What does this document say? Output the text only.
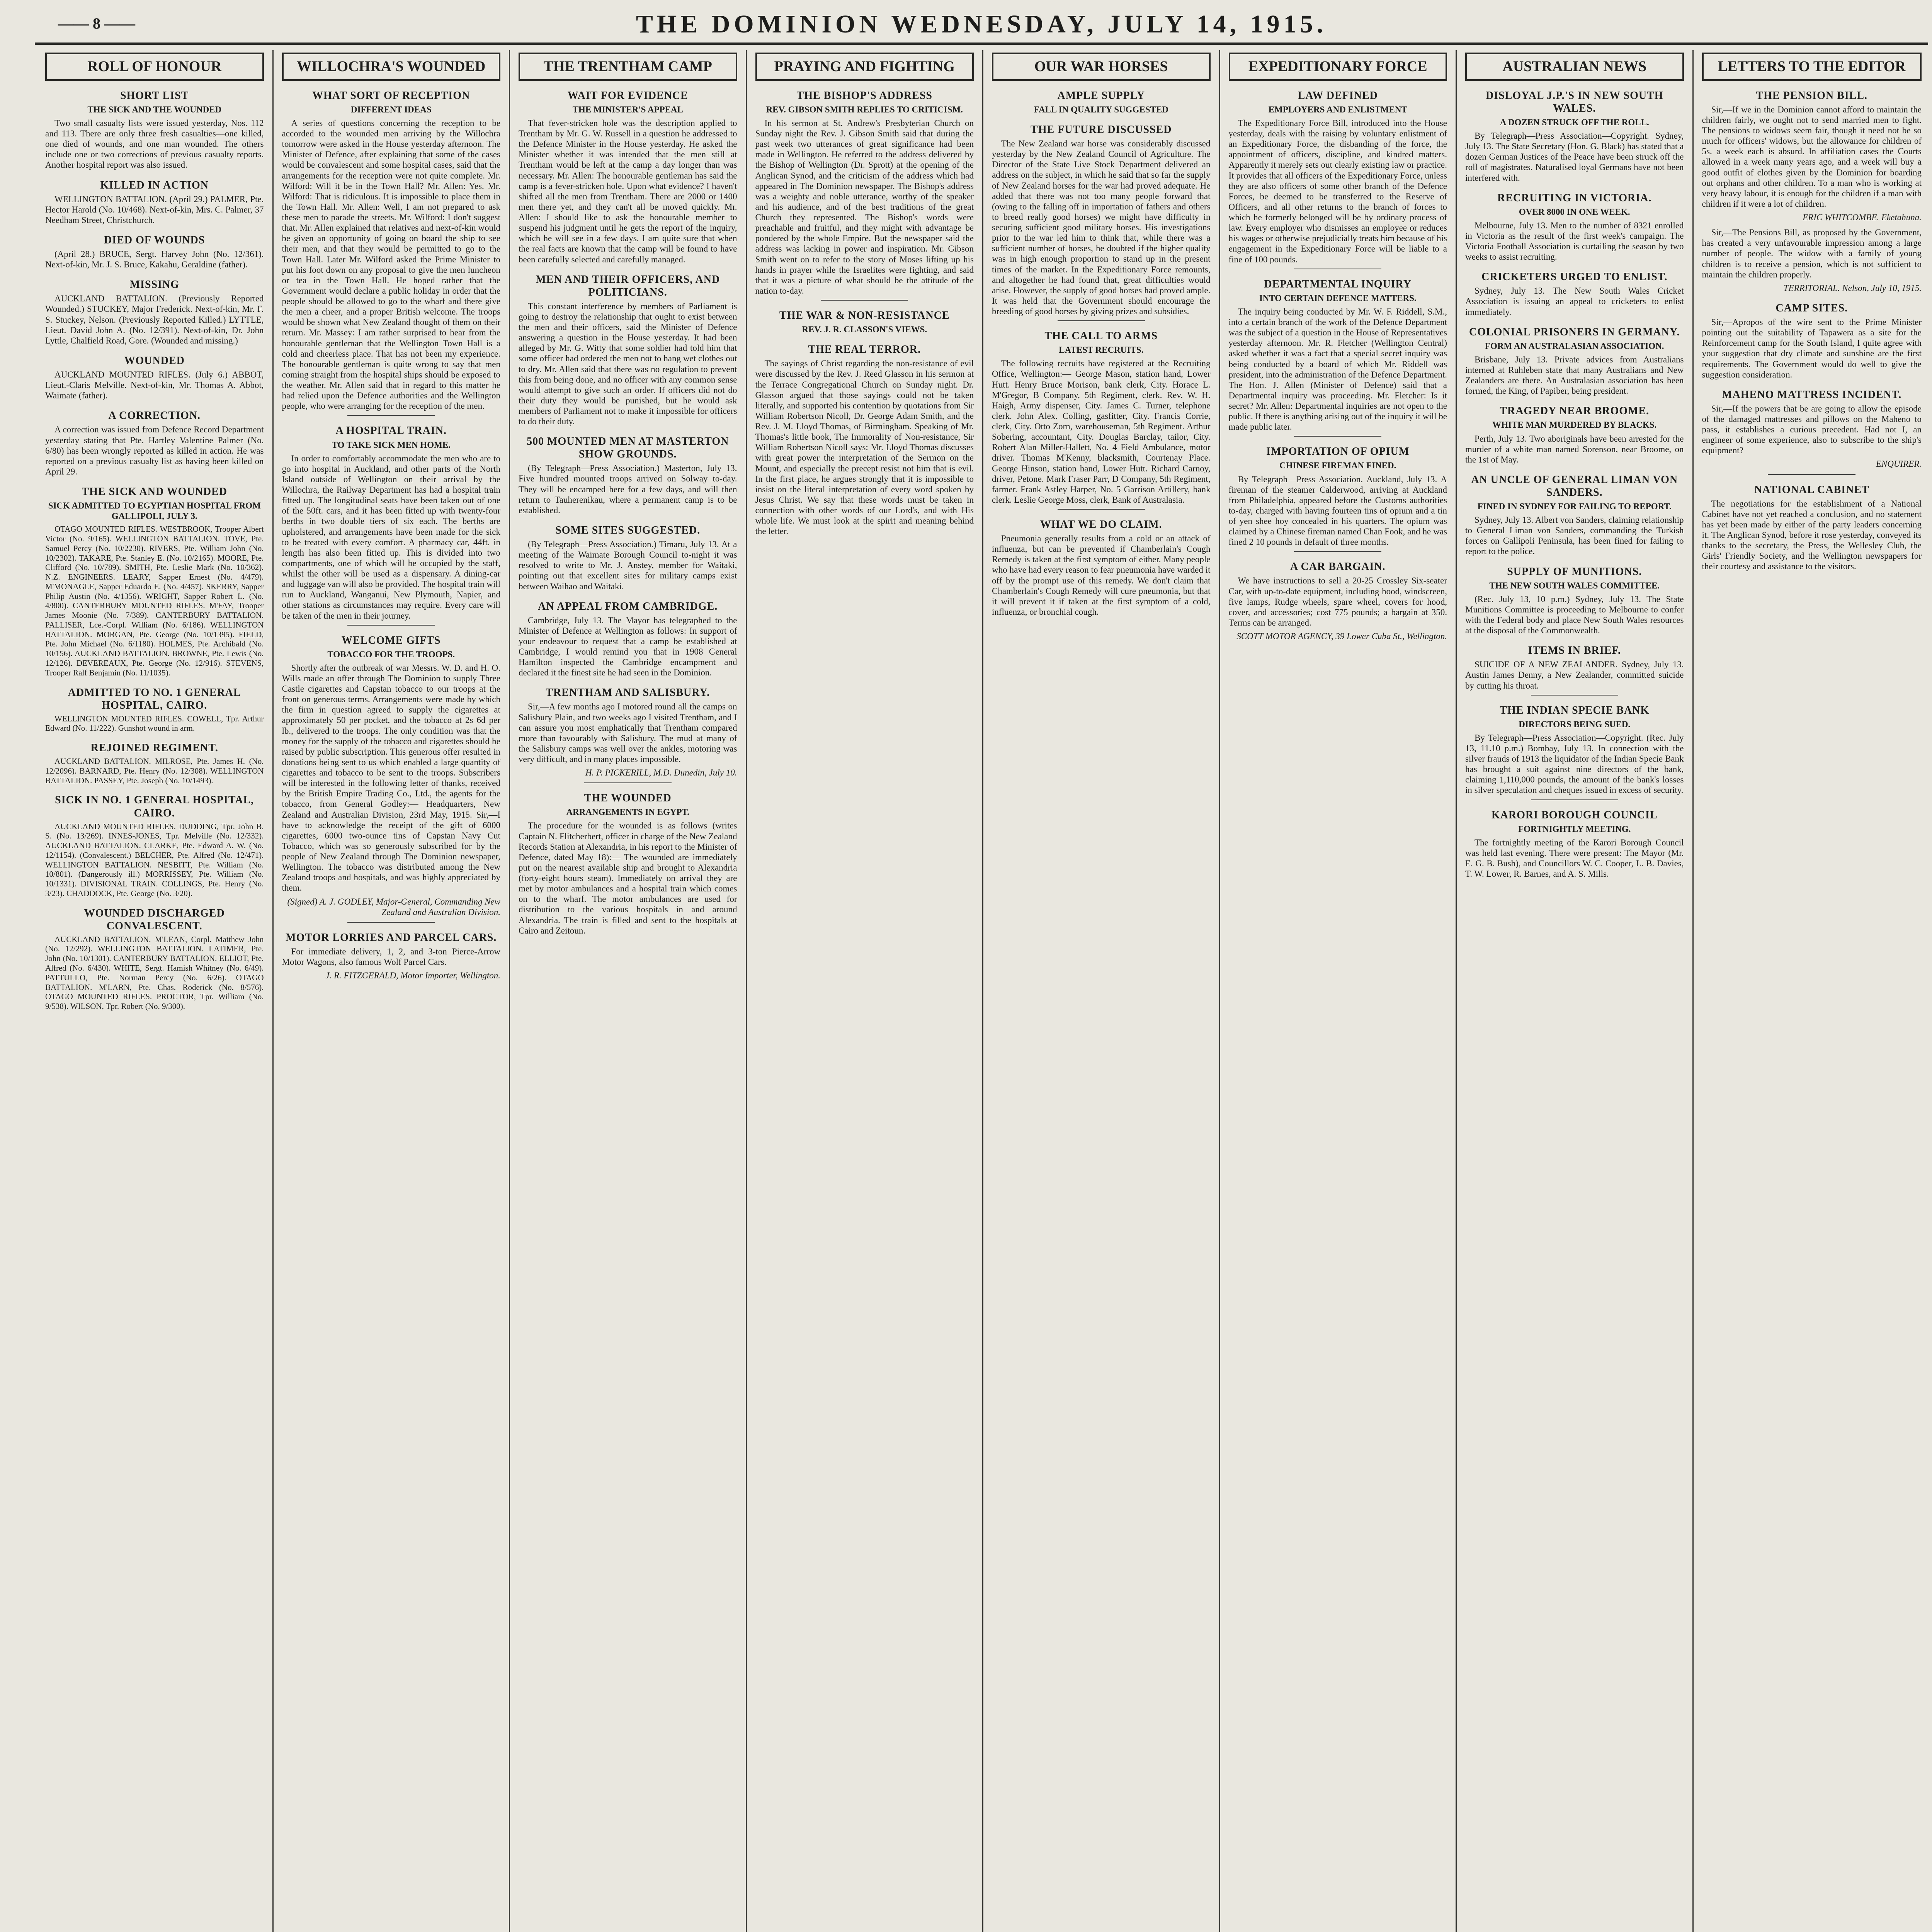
—— 8 ——	THE DOMINION WEDNESDAY, JULY 14, 1915.
ROLL OF HONOUR
SHORT LIST
THE SICK AND THE WOUNDED

Two small casualty lists were issued yesterday, Nos. 112 and 113. There are only three fresh casualties—one killed, one died of wounds, and one man wounded. The others include one or two corrections of previous casualty reports. Another hospital report was also issued.

KILLED IN ACTION

WELLINGTON BATTALION. (April 29.) PALMER, Pte. Hector Harold (No. 10/468). Next-of-kin, Mrs. C. Palmer, 37 Needham Street, Christchurch.

DIED OF WOUNDS

(April 28.) BRUCE, Sergt. Harvey John (No. 12/361). Next-of-kin, Mr. J. S. Bruce, Kakahu, Geraldine (father).

MISSING

AUCKLAND BATTALION. (Previously Reported Wounded.) STUCKEY, Major Frederick. Next-of-kin, Mr. F. S. Stuckey, Nelson. (Previously Reported Killed.) LYTTLE, Lieut. David John A. (No. 12/391). Next-of-kin, Dr. John Lyttle, Chalfield Road, Gore. (Wounded and missing.)

WOUNDED

AUCKLAND MOUNTED RIFLES. (July 6.) ABBOT, Lieut.-Claris Melville. Next-of-kin, Mr. Thomas A. Abbot, Waimate (father).

A CORRECTION.

A correction was issued from Defence Record Department yesterday stating that Pte. Hartley Valentine Palmer (No. 6/80) has been wrongly reported as killed in action. He was reported on a previous casualty list as having been killed on April 29.

THE SICK AND WOUNDED
SICK ADMITTED TO EGYPTIAN HOSPITAL FROM GALLIPOLI, JULY 3.

OTAGO MOUNTED RIFLES. WESTBROOK, Trooper Albert Victor (No. 9/165). WELLINGTON BATTALION. TOVE, Pte. Samuel Percy (No. 10/2230). RIVERS, Pte. William John (No. 10/2302). TAKARE, Pte. Stanley E. (No. 10/2165). MOORE, Pte. Clifford (No. 10/789). SMITH, Pte. Leslie Mark (No. 10/362). N.Z. ENGINEERS. LEARY, Sapper Ernest (No. 4/479). M'MONAGLE, Sapper Eduardo E. (No. 4/457). SKERRY, Sapper Philip Austin (No. 4/1356). WRIGHT, Sapper Robert L. (No. 4/800). CANTERBURY MOUNTED RIFLES. M'FAY, Trooper James Moonie (No. 7/389). CANTERBURY BATTALION. PALLISER, Lce.-Corpl. William (No. 6/186). WELLINGTON BATTALION. MORGAN, Pte. George (No. 10/1395). FIELD, Pte. John Michael (No. 6/1180). HOLMES, Pte. Archibald (No. 10/156). AUCKLAND BATTALION. BROWNE, Pte. Lewis (No. 12/126). DEVEREAUX, Pte. George (No. 12/916). STEVENS, Trooper Ralf Benjamin (No. 11/1035).

ADMITTED TO NO. 1 GENERAL HOSPITAL, CAIRO.

WELLINGTON MOUNTED RIFLES. COWELL, Tpr. Arthur Edward (No. 11/222). Gunshot wound in arm.

REJOINED REGIMENT.

AUCKLAND BATTALION. MILROSE, Pte. James H. (No. 12/2096). BARNARD, Pte. Henry (No. 12/308). WELLINGTON BATTALION. PASSEY, Pte. Joseph (No. 10/1493).

SICK IN NO. 1 GENERAL HOSPITAL, CAIRO.

AUCKLAND MOUNTED RIFLES. DUDDING, Tpr. John B. S. (No. 13/269). INNES-JONES, Tpr. Melville (No. 12/332). AUCKLAND BATTALION. CLARKE, Pte. Edward A. W. (No. 12/1154). (Convalescent.) BELCHER, Pte. Alfred (No. 12/471). WELLINGTON BATTALION. NESBITT, Pte. William (No. 10/801). (Dangerously ill.) MORRISSEY, Pte. William (No. 10/1331). DIVISIONAL TRAIN. COLLINGS, Pte. Henry (No. 3/23). CHADDOCK, Pte. George (No. 3/20).

WOUNDED DISCHARGED CONVALESCENT.

AUCKLAND BATTALION. M'LEAN, Corpl. Matthew John (No. 12/292). WELLINGTON BATTALION. LATIMER, Pte. John (No. 10/1301). CANTERBURY BATTALION. ELLIOT, Pte. Alfred (No. 6/430). WHITE, Sergt. Hamish Whitney (No. 6/49). PATTULLO, Pte. Norman Percy (No. 6/26). OTAGO BATTALION. M'LARN, Pte. Chas. Roderick (No. 8/576). OTAGO MOUNTED RIFLES. PROCTOR, Tpr. William (No. 9/538). WILSON, Tpr. Robert (No. 9/300).

WILLOCHRA'S WOUNDED
WHAT SORT OF RECEPTION
DIFFERENT IDEAS

A series of questions concerning the reception to be accorded to the wounded men arriving by the Willochra tomorrow were asked in the House yesterday afternoon. The Minister of Defence, after explaining that some of the cases would be convalescent and some hospital cases, said that the arrangements for the reception were not quite complete. Mr. Wilford: Will it be in the Town Hall? Mr. Allen: Yes. Mr. Wilford: That is ridiculous. It is impossible to place them in the Town Hall. Mr. Allen: Well, I am not prepared to ask these men to parade the streets. Mr. Wilford: I don't suggest that. Mr. Allen explained that relatives and next-of-kin would be given an opportunity of going on board the ship to see their men, and that they would be permitted to go to the Town Hall. Later Mr. Wilford asked the Prime Minister to put his foot down on any proposal to give the men luncheon or tea in the Town Hall. He hoped rather that the Government would declare a public holiday in order that the people should be allowed to go to the wharf and there give the men a cheer, and a proper British welcome. The troops would be shown what New Zealand thought of them on their return. Mr. Massey: I am rather surprised to hear from the honourable gentleman that the Wellington Town Hall is a cold and cheerless place. That has not been my experience. The honourable gentleman is quite wrong to say that men coming straight from the hospital ships should be exposed to the weather. Mr. Allen said that in regard to this matter he had relied upon the Defence authorities and the Wellington people, who were arranging for the reception of the men.

A HOSPITAL TRAIN.
TO TAKE SICK MEN HOME.

In order to comfortably accommodate the men who are to go into hospital in Auckland, and other parts of the North Island outside of Wellington on their arrival by the Willochra, the Railway Department has had a hospital train fitted up. The longitudinal seats have been taken out of one of the 50ft. cars, and it has been fitted up with twenty-four berths in two double tiers of six each. The berths are upholstered, and arrangements have been made for the sick to be treated with every comfort. A pharmacy car, 44ft. in length has also been fitted up. This is divided into two compartments, one of which will be occupied by the staff, whilst the other will be used as a dispensary. A dining-car and luggage van will also be provided. The hospital train will run to Auckland, Wanganui, New Plymouth, Napier, and other stations as circumstances may require. Every care will be taken of the men in their journey.

WELCOME GIFTS
TOBACCO FOR THE TROOPS.

Shortly after the outbreak of war Messrs. W. D. and H. O. Wills made an offer through The Dominion to supply Three Castle cigarettes and Capstan tobacco to our troops at the front on generous terms. Arrangements were made by which the firm in question agreed to supply the cigarettes at approximately 50 per pocket, and the tobacco at 2s 6d per lb., delivered to the troops. The only condition was that the money for the supply of the tobacco and cigarettes should be raised by public subscription. This generous offer resulted in donations being sent to us which enabled a large quantity of cigarettes and tobacco to be sent to the troops. Subscribers will be interested in the following letter of thanks, received by the British Empire Trading Co., Ltd., the agents for the tobacco, from General Godley:— Headquarters, New Zealand and Australian Division, 23rd May, 1915. Sir,—I have to acknowledge the receipt of the gift of 6000 cigarettes, 6000 two-ounce tins of Capstan Navy Cut Tobacco, which was so generously subscribed for by the people of New Zealand through The Dominion newspaper, Wellington. The tobacco was distributed among the New Zealand troops and hospitals, and was highly appreciated by them.

(Signed) A. J. GODLEY, Major-General, Commanding New Zealand and Australian Division.
MOTOR LORRIES AND PARCEL CARS.

For immediate delivery, 1, 2, and 3-ton Pierce-Arrow Motor Wagons, also famous Wolf Parcel Cars.

J. R. FITZGERALD, Motor Importer, Wellington.
THE TRENTHAM CAMP
WAIT FOR EVIDENCE
THE MINISTER'S APPEAL

That fever-stricken hole was the description applied to Trentham by Mr. G. W. Russell in a question he addressed to the Defence Minister in the House yesterday. He asked the Minister whether it was intended that the men still at Trentham would be left at the camp a day longer than was necessary. Mr. Allen: The honourable gentleman has said the camp is a fever-stricken hole. Upon what evidence? I haven't shifted all the men from Trentham. There are 2000 or 1400 men there yet, and they can't all be moved quickly. Mr. Allen: I should like to ask the honourable member to suspend his judgment until he gets the report of the inquiry, which he will see in a few days. I am quite sure that when the real facts are known that the camp will be found to have been carefully selected and carefully managed.

MEN AND THEIR OFFICERS, AND POLITICIANS.

This constant interference by members of Parliament is going to destroy the relationship that ought to exist between the men and their officers, said the Minister of Defence answering a question in the House yesterday. It had been alleged by Mr. G. Witty that some soldier had told him that some officer had ordered the men not to hang wet clothes out to dry. Mr. Allen said that there was no regulation to prevent this from being done, and no officer with any common sense would attempt to give such an order. If officers did not do their duty they would be punished, but he would ask members of Parliament not to make it impossible for officers to do their duty.

500 MOUNTED MEN AT MASTERTON SHOW GROUNDS.

(By Telegraph—Press Association.) Masterton, July 13. Five hundred mounted troops arrived on Solway to-day. They will be encamped here for a few days, and will then return to Tauherenikau, where a permanent camp is to be established.

SOME SITES SUGGESTED.

(By Telegraph—Press Association.) Timaru, July 13. At a meeting of the Waimate Borough Council to-night it was resolved to write to Mr. J. Anstey, member for Waitaki, pointing out that excellent sites for military camps exist between Waihao and Waitaki.

AN APPEAL FROM CAMBRIDGE.

Cambridge, July 13. The Mayor has telegraphed to the Minister of Defence at Wellington as follows: In support of your endeavour to request that a camp be established at Cambridge, I would remind you that in 1908 General Hamilton inspected the Cambridge encampment and declared it the finest site he had seen in the Dominion.

TRENTHAM AND SALISBURY.

Sir,—A few months ago I motored round all the camps on Salisbury Plain, and two weeks ago I visited Trentham, and I can assure you most emphatically that Trentham compared more than favourably with Salisbury. The mud at many of the Salisbury camps was well over the ankles, motoring was very difficult, and in many places impossible.

H. P. PICKERILL, M.D. Dunedin, July 10.
THE WOUNDED
ARRANGEMENTS IN EGYPT.

The procedure for the wounded is as follows (writes Captain N. Flitcherbert, officer in charge of the New Zealand Records Station at Alexandria, in his report to the Minister of Defence, dated May 18):— The wounded are immediately put on the nearest available ship and brought to Alexandria (forty-eight hours steam). Immediately on arrival they are met by motor ambulances and a hospital train which comes on to the wharf. The motor ambulances are used for distribution to the various hospitals in and around Alexandria. The train is filled and sent to the hospitals at Cairo and Zeitoun.

PRAYING AND FIGHTING
THE BISHOP'S ADDRESS
REV. GIBSON SMITH REPLIES TO CRITICISM.

In his sermon at St. Andrew's Presbyterian Church on Sunday night the Rev. J. Gibson Smith said that during the past week two utterances of great significance had been made in Wellington. He referred to the address delivered by the Bishop of Wellington (Dr. Sprott) at the opening of the Anglican Synod, and the criticism of the address which had appeared in The Dominion newspaper. The Bishop's address was a weighty and noble utterance, worthy of the speaker and his audience, and of the best traditions of the great Church they represented. The Bishop's words were preachable and fruitful, and they might with advantage be pondered by the whole Empire. But the newspaper said the address was lacking in power and inspiration. Mr. Gibson Smith went on to refer to the story of Moses lifting up his hands in prayer while the Israelites were fighting, and said that it was a picture of what should be the attitude of the nation to-day.

THE WAR & NON-RESISTANCE
REV. J. R. CLASSON'S VIEWS.
THE REAL TERROR.

The sayings of Christ regarding the non-resistance of evil were discussed by the Rev. J. Reed Glasson in his sermon at the Terrace Congregational Church on Sunday night. Dr. Glasson argued that those sayings could not be taken literally, and supported his contention by quotations from Sir William Robertson Nicoll, Dr. George Adam Smith, and the Rev. J. M. Lloyd Thomas, of Birmingham. Speaking of Mr. Thomas's little book, The Immorality of Non-resistance, Sir William Robertson Nicoll says: Mr. Lloyd Thomas discusses with great power the interpretation of the Sermon on the Mount, and especially the precept resist not him that is evil. In the first place, he argues strongly that it is impossible to insist on the literal interpretation of every word spoken by Jesus Christ. We say that these words must be taken in connection with other words of our Lord's, and with His whole life. We must look at the spirit and meaning behind the letter.

OUR WAR HORSES
AMPLE SUPPLY
FALL IN QUALITY SUGGESTED
THE FUTURE DISCUSSED

The New Zealand war horse was considerably discussed yesterday by the New Zealand Council of Agriculture. The Director of the State Live Stock Department delivered an address on the subject, in which he said that so far the supply of New Zealand horses for the war had proved adequate. He added that there was not too many people forward that (owing to the falling off in importation of fathers and others to breed really good horses) we might have difficulty in securing sufficient good military horses. His investigations prior to the war led him to think that, while there was a sufficient number of horses, he doubted if the higher quality was in high enough proportion to stand up in the present times of the market. In the Expeditionary Force remounts, and altogether he had found that, great difficulties would arise. However, the supply of good horses had proved ample. It was held that the Government should encourage the breeding of good horses by giving prizes and subsidies.

THE CALL TO ARMS
LATEST RECRUITS.

The following recruits have registered at the Recruiting Office, Wellington:— George Mason, station hand, Lower Hutt. Henry Bruce Morison, bank clerk, City. Horace L. M'Gregor, B Company, 5th Regiment, clerk. Rev. W. H. Haigh, Army dispenser, City. James C. Turner, telephone clerk. John Alex. Colling, gasfitter, City. Francis Corrie, clerk, City. Otto Zorn, warehouseman, 5th Regiment. Arthur Sobering, accountant, City. Douglas Barclay, tailor, City. Robert Alan Miller-Hallett, No. 4 Field Ambulance, motor driver. Thomas M'Kenny, blacksmith, Courtenay Place. George Hinson, station hand, Lower Hutt. Richard Carnoy, driver, Petone. Mark Fraser Parr, D Company, 5th Regiment, farmer. Frank Astley Harper, No. 5 Garrison Artillery, bank clerk. Leslie George Moss, clerk, Bank of Australasia.

WHAT WE DO CLAIM.

Pneumonia generally results from a cold or an attack of influenza, but can be prevented if Chamberlain's Cough Remedy is taken at the first symptom of either. Many people who have had every reason to fear pneumonia have warded it off by the prompt use of this remedy. We don't claim that Chamberlain's Cough Remedy will cure pneumonia, but that it will prevent it if taken at the first symptom of a cold, influenza, or bronchial cough.

EXPEDITIONARY FORCE
LAW DEFINED
EMPLOYERS AND ENLISTMENT

The Expeditionary Force Bill, introduced into the House yesterday, deals with the raising by voluntary enlistment of an Expeditionary Force, the disbanding of the force, the appointment of officers, discipline, and kindred matters. Apparently it merely sets out clearly existing law or practice. It provides that all officers of the Expeditionary Force, unless they are also officers of some other branch of the Defence Forces, be deemed to be transferred to the Reserve of Officers, and all other returns to the branch of forces to which he formerly belonged will be by ordinary process of law. Every employer who dismisses an employee or reduces his wages or otherwise prejudicially treats him because of his engagement in the Expeditionary Force will be liable to a fine of 100 pounds.

DEPARTMENTAL INQUIRY
INTO CERTAIN DEFENCE MATTERS.

The inquiry being conducted by Mr. W. F. Riddell, S.M., into a certain branch of the work of the Defence Department was the subject of a question in the House of Representatives yesterday afternoon. Mr. R. Fletcher (Wellington Central) asked whether it was a fact that a special secret inquiry was being conducted by a board of which Mr. Riddell was president, into the administration of the Defence Department. The Hon. J. Allen (Minister of Defence) said that a Departmental inquiry was proceeding. Mr. Fletcher: Is it secret? Mr. Allen: Departmental inquiries are not open to the public. If there is anything arising out of the inquiry it will be made public later.

IMPORTATION OF OPIUM
CHINESE FIREMAN FINED.

By Telegraph—Press Association. Auckland, July 13. A fireman of the steamer Calderwood, arriving at Auckland from Philadelphia, appeared before the Customs authorities to-day, charged with having fourteen tins of opium and a tin of yen shee hoy concealed in his quarters. The opium was claimed by a Chinese fireman named Chan Fook, and he was fined 2 10 pounds in default of three months.

A CAR BARGAIN.

We have instructions to sell a 20-25 Crossley Six-seater Car, with up-to-date equipment, including hood, windscreen, five lamps, Rudge wheels, spare wheel, covers for hood, cover, and accessories; cost 775 pounds; a bargain at 350. Terms can be arranged.

SCOTT MOTOR AGENCY, 39 Lower Cuba St., Wellington.
AUSTRALIAN NEWS
DISLOYAL J.P.'S IN NEW SOUTH WALES.
A DOZEN STRUCK OFF THE ROLL.

By Telegraph—Press Association—Copyright. Sydney, July 13. The State Secretary (Hon. G. Black) has stated that a dozen German Justices of the Peace have been struck off the roll of magistrates. Naturalised loyal Germans have not been interfered with.

RECRUITING IN VICTORIA.
OVER 8000 IN ONE WEEK.

Melbourne, July 13. Men to the number of 8321 enrolled in Victoria as the result of the first week's campaign. The Victoria Football Association is curtailing the season by two weeks to assist recruiting.

CRICKETERS URGED TO ENLIST.

Sydney, July 13. The New South Wales Cricket Association is issuing an appeal to cricketers to enlist immediately.

COLONIAL PRISONERS IN GERMANY.
FORM AN AUSTRALASIAN ASSOCIATION.

Brisbane, July 13. Private advices from Australians interned at Ruhleben state that many Australians and New Zealanders are there. An Australasian association has been formed, the King, of Papiber, being president.

TRAGEDY NEAR BROOME.
WHITE MAN MURDERED BY BLACKS.

Perth, July 13. Two aboriginals have been arrested for the murder of a white man named Sorenson, near Broome, on the 1st of May.

AN UNCLE OF GENERAL LIMAN VON SANDERS.
FINED IN SYDNEY FOR FAILING TO REPORT.

Sydney, July 13. Albert von Sanders, claiming relationship to General Liman von Sanders, commanding the Turkish forces on Gallipoli Peninsula, has been fined for failing to report to the police.

SUPPLY OF MUNITIONS.
THE NEW SOUTH WALES COMMITTEE.

(Rec. July 13, 10 p.m.) Sydney, July 13. The State Munitions Committee is proceeding to Melbourne to confer with the Federal body and place New South Wales resources at the disposal of the Commonwealth.

ITEMS IN BRIEF.

SUICIDE OF A NEW ZEALANDER. Sydney, July 13. Austin James Denny, a New Zealander, committed suicide by cutting his throat.

THE INDIAN SPECIE BANK
DIRECTORS BEING SUED.

By Telegraph—Press Association—Copyright. (Rec. July 13, 11.10 p.m.) Bombay, July 13. In connection with the silver frauds of 1913 the liquidator of the Indian Specie Bank has brought a suit against nine directors of the bank, claiming 1,110,000 pounds, the amount of the bank's losses in silver speculation and cheques issued in excess of security.

KARORI BOROUGH COUNCIL
FORTNIGHTLY MEETING.

The fortnightly meeting of the Karori Borough Council was held last evening. There were present: The Mayor (Mr. E. G. B. Bush), and Councillors W. C. Cooper, L. B. Davies, T. W. Lower, R. Barnes, and A. S. Mills.

LETTERS TO THE EDITOR
THE PENSION BILL.

Sir,—If we in the Dominion cannot afford to maintain the children fairly, we ought not to send married men to fight. The pensions to widows seem fair, though it need not be so much for officers' widows, but the allowance for children of 5s. a week each is absurd. In affiliation cases the Courts allowed in a week many years ago, and a week will buy a good outfit of clothes given by the Dominion for boarding out orphans and other children. To a man who is working at very heavy labour, it is enough for the children if a man with children if it were a lot of children.

ERIC WHITCOMBE. Eketahuna.

Sir,—The Pensions Bill, as proposed by the Government, has created a very unfavourable impression among a large number of people. The widow with a family of young children is to receive a pension, which is not sufficient to maintain the children properly.

TERRITORIAL. Nelson, July 10, 1915.
CAMP SITES.

Sir,—Apropos of the wire sent to the Prime Minister pointing out the suitability of Tapawera as a site for the Reinforcement camp for the South Island, I quite agree with your suggestion that dry climate and sunshine are the first requirements. The Government would do well to give the suggestion consideration.

MAHENO MATTRESS INCIDENT.

Sir,—If the powers that be are going to allow the episode of the damaged mattresses and pillows on the Maheno to pass, it establishes a curious precedent. Had not I, an engineer of some experience, also to subscribe to the ship's equipment?

ENQUIRER.
NATIONAL CABINET

The negotiations for the establishment of a National Cabinet have not yet reached a conclusion, and no statement has yet been made by either of the party leaders concerning it. The Anglican Synod, before it rose yesterday, conveyed its thanks to the secretary, the Press, the Wellesley Club, the Girls' Friendly Society, and the Wellington newspapers for their courtesy and assistance to the visitors.
